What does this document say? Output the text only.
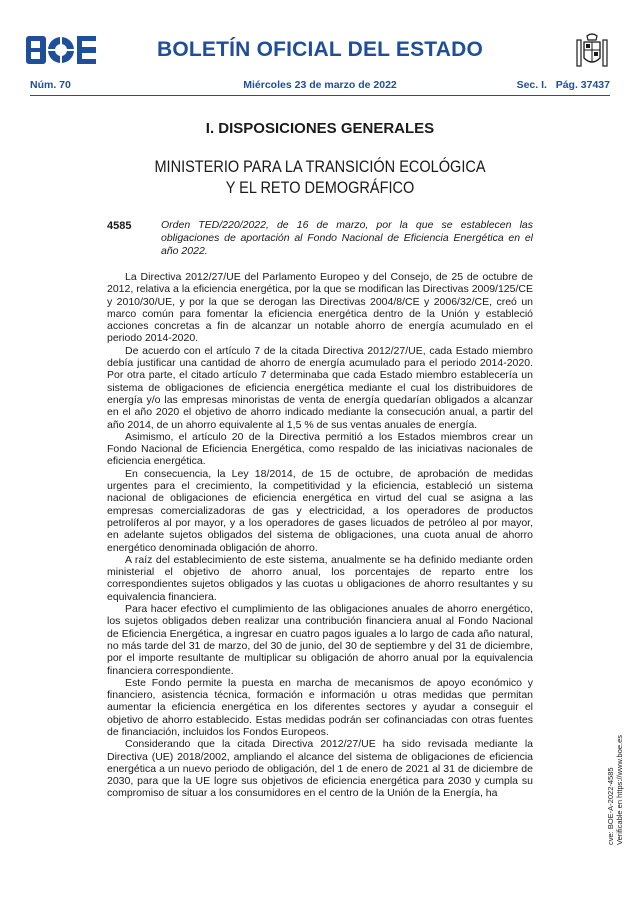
BOLETÍN OFICIAL DEL ESTADO
Núm. 70	Miércoles 23 de marzo de 2022	Sec. I.   Pág. 37437
I. DISPOSICIONES GENERALES
MINISTERIO PARA LA TRANSICIÓN ECOLÓGICA
Y EL RETO DEMOGRÁFICO
4585	Orden TED/220/2022, de 16 de marzo, por la que se establecen las obligaciones de aportación al Fondo Nacional de Eficiencia Energética en el año 2022.

La Directiva 2012/27/UE del Parlamento Europeo y del Consejo, de 25 de octubre de 2012, relativa a la eficiencia energética, por la que se modifican las Directivas 2009/125/CE y 2010/30/UE, y por la que se derogan las Directivas 2004/8/CE y 2006/32/CE, creó un marco común para fomentar la eficiencia energética dentro de la Unión y estableció acciones concretas a fin de alcanzar un notable ahorro de energía acumulado en el periodo 2014-2020.

De acuerdo con el artículo 7 de la citada Directiva 2012/27/UE, cada Estado miembro debía justificar una cantidad de ahorro de energía acumulado para el periodo 2014-2020. Por otra parte, el citado artículo 7 determinaba que cada Estado miembro establecería un sistema de obligaciones de eficiencia energética mediante el cual los distribuidores de energía y/o las empresas minoristas de venta de energía quedarían obligados a alcanzar en el año 2020 el objetivo de ahorro indicado mediante la consecución anual, a partir del año 2014, de un ahorro equivalente al 1,5 % de sus ventas anuales de energía.

Asimismo, el artículo 20 de la Directiva permitió a los Estados miembros crear un Fondo Nacional de Eficiencia Energética, como respaldo de las iniciativas nacionales de eficiencia energética.

En consecuencia, la Ley 18/2014, de 15 de octubre, de aprobación de medidas urgentes para el crecimiento, la competitividad y la eficiencia, estableció un sistema nacional de obligaciones de eficiencia energética en virtud del cual se asigna a las empresas comercializadoras de gas y electricidad, a los operadores de productos petrolíferos al por mayor, y a los operadores de gases licuados de petróleo al por mayor, en adelante sujetos obligados del sistema de obligaciones, una cuota anual de ahorro energético denominada obligación de ahorro.

A raíz del establecimiento de este sistema, anualmente se ha definido mediante orden ministerial el objetivo de ahorro anual, los porcentajes de reparto entre los correspondientes sujetos obligados y las cuotas u obligaciones de ahorro resultantes y su equivalencia financiera.

Para hacer efectivo el cumplimiento de las obligaciones anuales de ahorro energético, los sujetos obligados deben realizar una contribución financiera anual al Fondo Nacional de Eficiencia Energética, a ingresar en cuatro pagos iguales a lo largo de cada año natural, no más tarde del 31 de marzo, del 30 de junio, del 30 de septiembre y del 31 de diciembre, por el importe resultante de multiplicar su obligación de ahorro anual por la equivalencia financiera correspondiente.

Este Fondo permite la puesta en marcha de mecanismos de apoyo económico y financiero, asistencia técnica, formación e información u otras medidas que permitan aumentar la eficiencia energética en los diferentes sectores y ayudar a conseguir el objetivo de ahorro establecido. Estas medidas podrán ser cofinanciadas con otras fuentes de financiación, incluidos los Fondos Europeos.

Considerando que la citada Directiva 2012/27/UE ha sido revisada mediante la Directiva (UE) 2018/2002, ampliando el alcance del sistema de obligaciones de eficiencia energética a un nuevo periodo de obligación, del 1 de enero de 2021 al 31 de diciembre de 2030, para que la UE logre sus objetivos de eficiencia energética para 2030 y cumpla su compromiso de situar a los consumidores en el centro de la Unión de la Energía, ha	cve: BOE-A-2022-4585 Verificable en https://www.boe.es
